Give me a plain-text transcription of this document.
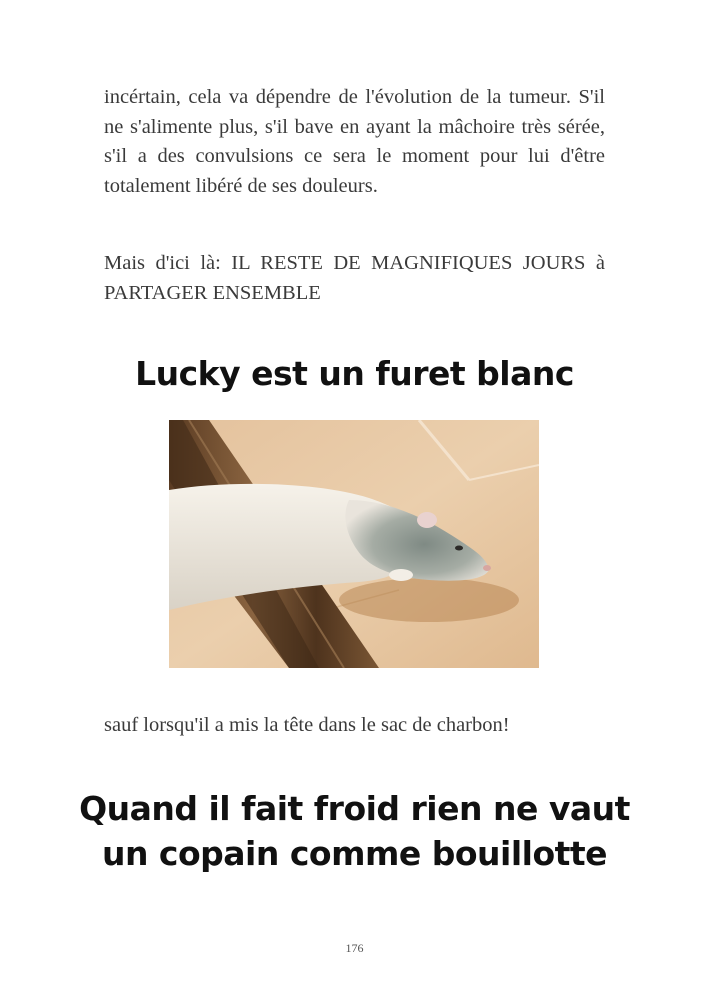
incértain, cela va dépendre de l'évolution de la tumeur. S'il ne s'alimente plus, s'il bave en ayant la mâchoire très sérée, s'il a des convulsions ce sera le moment pour lui d'être totalement libéré de ses douleurs.

Mais d'ici là: IL RESTE DE MAGNIFIQUES JOURS à PARTAGER ENSEMBLE

Lucky est un furet blanc

sauf lorsqu'il a mis la tête dans le sac de charbon!

Quand il fait froid rien ne vaut
un copain comme bouillotte
176
